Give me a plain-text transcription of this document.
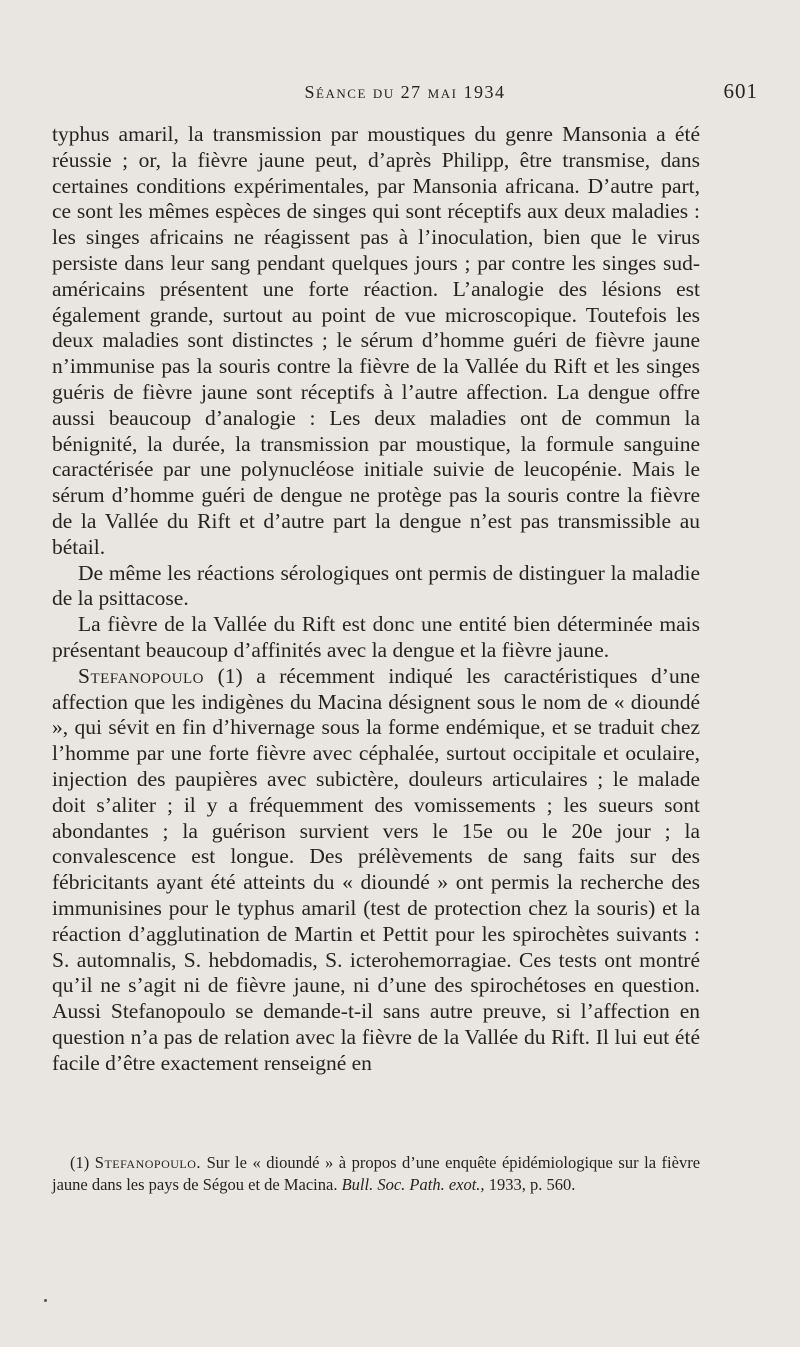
Séance du 27 mai 1934	601

typhus amaril, la transmission par moustiques du genre Mansonia a été réussie ; or, la fièvre jaune peut, d’après Philipp, être transmise, dans certaines conditions expérimentales, par Mansonia africana. D’autre part, ce sont les mêmes espèces de singes qui sont réceptifs aux deux maladies : les singes africains ne réagissent pas à l’inoculation, bien que le virus persiste dans leur sang pendant quelques jours ; par contre les singes sud-américains présentent une forte réaction. L’analogie des lésions est également grande, surtout au point de vue microscopique. Toutefois les deux maladies sont distinctes ; le sérum d’homme guéri de fièvre jaune n’immunise pas la souris contre la fièvre de la Vallée du Rift et les singes guéris de fièvre jaune sont réceptifs à l’autre affection. La dengue offre aussi beaucoup d’analogie : Les deux maladies ont de commun la bénignité, la durée, la transmission par moustique, la formule sanguine caractérisée par une polynucléose initiale suivie de leucopénie. Mais le sérum d’homme guéri de dengue ne protège pas la souris contre la fièvre de la Vallée du Rift et d’autre part la dengue n’est pas transmissible au bétail.

De même les réactions sérologiques ont permis de distinguer la maladie de la psittacose.

La fièvre de la Vallée du Rift est donc une entité bien déterminée mais présentant beaucoup d’affinités avec la dengue et la fièvre jaune.

Stefanopoulo (1) a récemment indiqué les caractéristiques d’une affection que les indigènes du Macina désignent sous le nom de « dioundé », qui sévit en fin d’hivernage sous la forme endémique, et se traduit chez l’homme par une forte fièvre avec céphalée, surtout occipitale et oculaire, injection des paupières avec subictère, douleurs articulaires ; le malade doit s’aliter ; il y a fréquemment des vomissements ; les sueurs sont abondantes ; la guérison survient vers le 15e ou le 20e jour ; la convalescence est longue. Des prélèvements de sang faits sur des fébricitants ayant été atteints du « dioundé » ont permis la recherche des immunisines pour le typhus amaril (test de protection chez la souris) et la réaction d’agglutination de Martin et Pettit pour les spirochètes suivants : S. automnalis, S. hebdomadis, S. icterohemorragiae. Ces tests ont montré qu’il ne s’agit ni de fièvre jaune, ni d’une des spirochétoses en question. Aussi Stefanopoulo se demande-t-il sans autre preuve, si l’affection en question n’a pas de relation avec la fièvre de la Vallée du Rift. Il lui eut été facile d’être exactement renseigné en

(1) Stefanopoulo. Sur le « dioundé » à propos d’une enquête épidémiologique sur la fièvre jaune dans les pays de Ségou et de Macina. Bull. Soc. Path. exot., 1933, p. 560.
